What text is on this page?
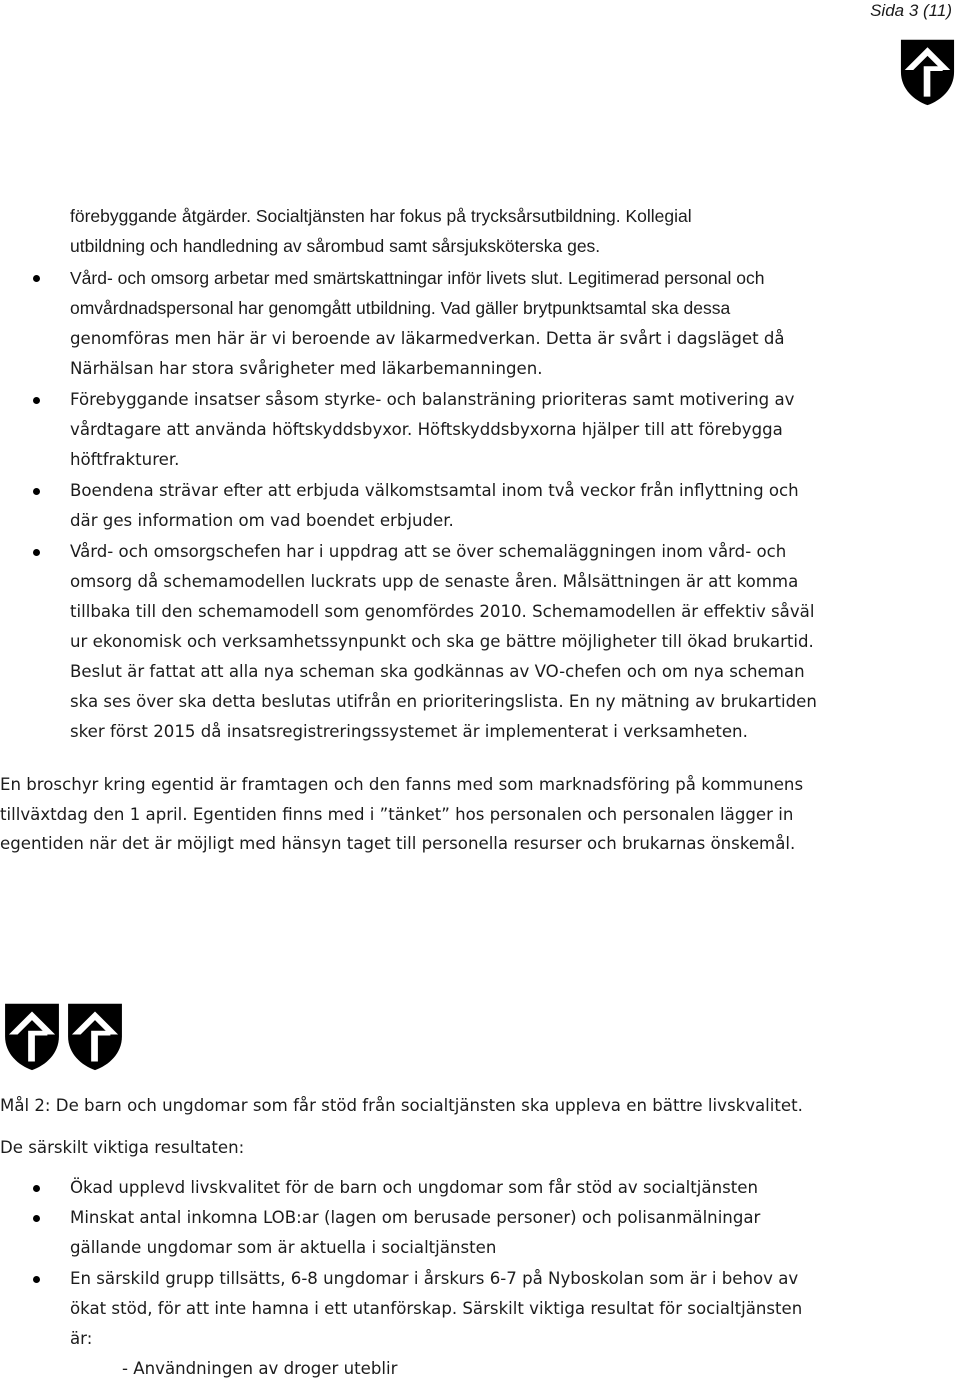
Sida 3 (11)
förebyggande åtgärder. Socialtjänsten har fokus på trycksårsutbildning. Kollegial
utbildning och handledning av sårombud samt sårsjuksköterska ges.
Vård- och omsorg arbetar med smärtskattningar inför livets slut. Legitimerad personal och
omvårdnadspersonal har genomgått utbildning. Vad gäller brytpunktsamtal ska dessa
genomföras men här är vi beroende av läkarmedverkan. Detta är svårt i dagsläget då
Närhälsan har stora svårigheter med läkarbemanningen.
Förebyggande insatser såsom styrke- och balansträning prioriteras samt motivering av
vårdtagare att använda höftskyddsbyxor. Höftskyddsbyxorna hjälper till att förebygga
höftfrakturer.
Boendena strävar efter att erbjuda välkomstsamtal inom två veckor från inflyttning och
där ges information om vad boendet erbjuder.
Vård- och omsorgschefen har i uppdrag att se över schemaläggningen inom vård- och
omsorg då schemamodellen luckrats upp de senaste åren. Målsättningen är att komma
tillbaka till den schemamodell som genomfördes 2010. Schemamodellen är effektiv såväl
ur ekonomisk och verksamhetssynpunkt och ska ge bättre möjligheter till ökad brukartid.
Beslut är fattat att alla nya scheman ska godkännas av VO-chefen och om nya scheman
ska ses över ska detta beslutas utifrån en prioriteringslista. En ny mätning av brukartiden
sker först 2015 då insatsregistreringssystemet är implementerat i verksamheten.
En broschyr kring egentid är framtagen och den fanns med som marknadsföring på kommunens
tillväxtdag den 1 april. Egentiden finns med i ”tänket” hos personalen och personalen lägger in
egentiden när det är möjligt med hänsyn taget till personella resurser och brukarnas önskemål.
Mål 2: De barn och ungdomar som får stöd från socialtjänsten ska uppleva en bättre livskvalitet.
De särskilt viktiga resultaten:
Ökad upplevd livskvalitet för de barn och ungdomar som får stöd av socialtjänsten
Minskat antal inkomna LOB:ar (lagen om berusade personer) och polisanmälningar
gällande ungdomar som är aktuella i socialtjänsten
En särskild grupp tillsätts, 6-8 ungdomar i årskurs 6-7 på Nyboskolan som är i behov av
ökat stöd, för att inte hamna i ett utanförskap. Särskilt viktiga resultat för socialtjänsten
är:
- Användningen av droger uteblir
